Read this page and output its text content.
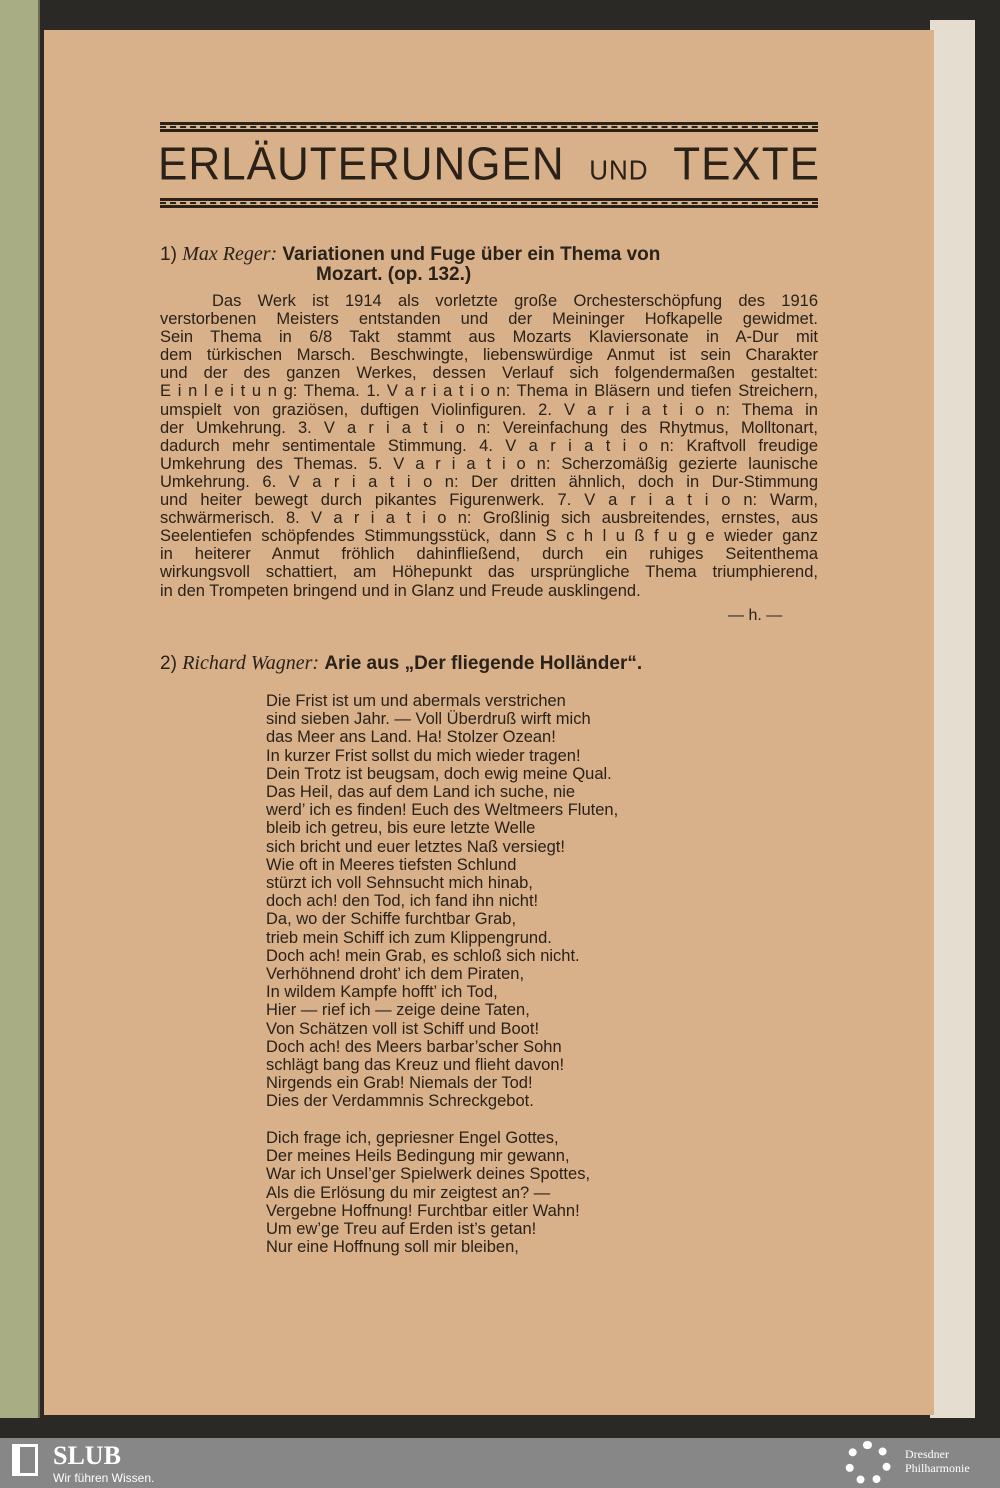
ERLÄUTERUNGEN UND TEXTE
1) Max Reger: Variationen und Fuge über ein Thema von
Mozart. (op. 132.)
Das Werk ist 1914 als vorletzte große Orchesterschöpfung des 1916
verstorbenen Meisters entstanden und der Meininger Hofkapelle gewidmet.
Sein Thema in 6/8 Takt stammt aus Mozarts Klaviersonate in A-Dur mit
dem türkischen Marsch. Beschwingte, liebenswürdige Anmut ist sein Charakter
und der des ganzen Werkes, dessen Verlauf sich folgendermaßen gestaltet:
E i n l e i t u n g: Thema. 1. V a r i a t i o n: Thema in Bläsern und tiefen Streichern,
umspielt von graziösen, duftigen Violinfiguren. 2. V a r i a t i o n: Thema in
der Umkehrung. 3. V a r i a t i o n: Vereinfachung des Rhytmus, Molltonart,
dadurch mehr sentimentale Stimmung. 4. V a r i a t i o n: Kraftvoll freudige
Umkehrung des Themas. 5. V a r i a t i o n: Scherzomäßig gezierte launische
Umkehrung. 6. V a r i a t i o n: Der dritten ähnlich, doch in Dur-Stimmung
und heiter bewegt durch pikantes Figurenwerk. 7. V a r i a t i o n: Warm,
schwärmerisch. 8. V a r i a t i o n: Großlinig sich ausbreitendes, ernstes, aus
Seelentiefen schöpfendes Stimmungsstück, dann S c h l u ß f u g e wieder ganz
in heiterer Anmut fröhlich dahinfließend, durch ein ruhiges Seitenthema
wirkungsvoll schattiert, am Höhepunkt das ursprüngliche Thema triumphierend,
in den Trompeten bringend und in Glanz und Freude ausklingend.
— h. —
2) Richard Wagner: Arie aus „Der fliegende Holländer“.
Die Frist ist um und abermals verstrichen
sind sieben Jahr. — Voll Überdruß wirft mich
das Meer ans Land. Ha! Stolzer Ozean!
In kurzer Frist sollst du mich wieder tragen!
Dein Trotz ist beugsam, doch ewig meine Qual.
Das Heil, das auf dem Land ich suche, nie
werd’ ich es finden! Euch des Weltmeers Fluten,
bleib ich getreu, bis eure letzte Welle
sich bricht und euer letztes Naß versiegt!
Wie oft in Meeres tiefsten Schlund
stürzt ich voll Sehnsucht mich hinab,
doch ach! den Tod, ich fand ihn nicht!
Da, wo der Schiffe furchtbar Grab,
trieb mein Schiff ich zum Klippengrund.
Doch ach! mein Grab, es schloß sich nicht.
Verhöhnend droht’ ich dem Piraten,
In wildem Kampfe hofft’ ich Tod,
Hier — rief ich — zeige deine Taten,
Von Schätzen voll ist Schiff und Boot!
Doch ach! des Meers barbar’scher Sohn
schlägt bang das Kreuz und flieht davon!
Nirgends ein Grab! Niemals der Tod!
Dies der Verdammnis Schreckgebot.
Dich frage ich, gepriesner Engel Gottes,
Der meines Heils Bedingung mir gewann,
War ich Unsel’ger Spielwerk deines Spottes,
Als die Erlösung du mir zeigtest an? —
Vergebne Hoffnung! Furchtbar eitler Wahn!
Um ew’ge Treu auf Erden ist’s getan!
Nur eine Hoffnung soll mir bleiben,
SLUB
Wir führen Wissen.
Dresdner
Philharmonie
